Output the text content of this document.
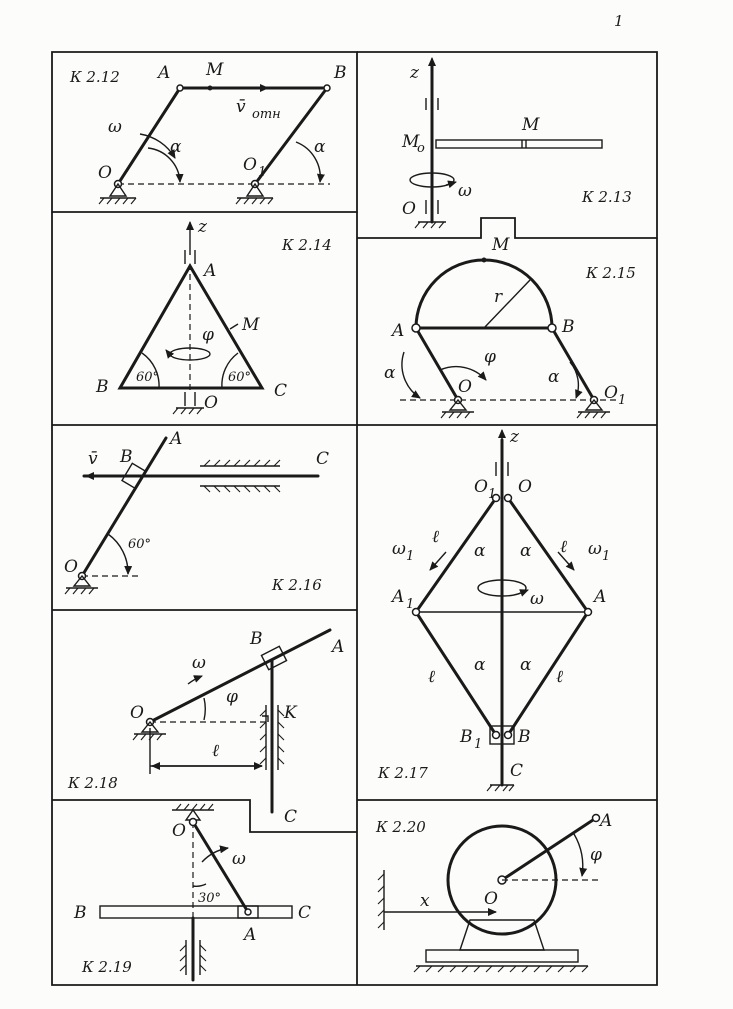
1
К 2.12 A M	B
v̄ отн
ω
α
O	O 1
α
К 2.13
z
M
o
M
ω
O
К 2.14
z
A
φ M
B	C
60°	60°
O
К 2.15
M
r
A	B
α
φ
O	α
O 1
К 2.16
v̄ B
A
C
60°
O
К 2.17
z
O 1 O
ω 1	ω 1
ℓ	ℓ
ℓ	ℓ
α α
α α
A 1	A
ω
B 1 B
C
К 2.18
B	A
ω
φ
O	K
ℓ
C
К 2.19
O
ω
30°
B	C
A
К 2.20	A
φ
x	O
